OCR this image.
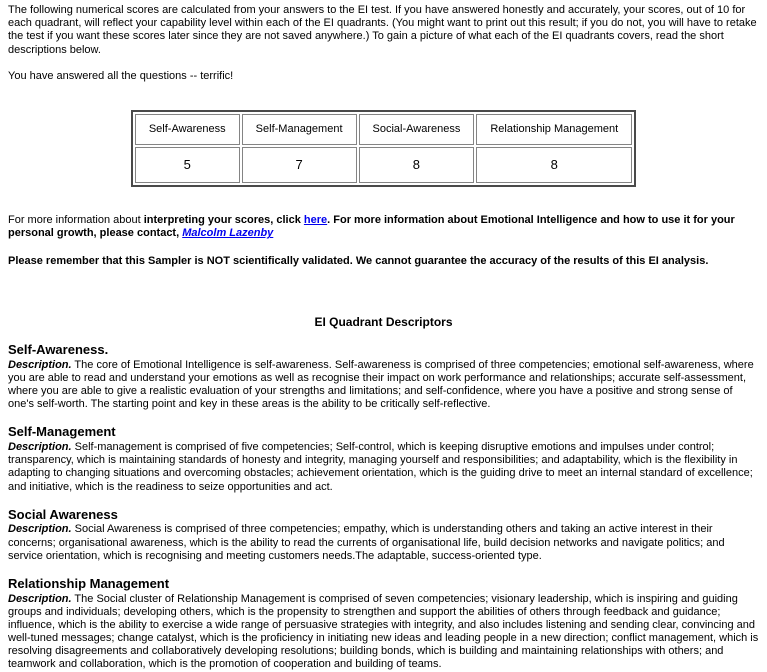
The following numerical scores are calculated from your answers to the EI test. If you have answered honestly and accurately, your scores, out of 10 for each quadrant, will reflect your capability level within each of the EI quadrants. (You might want to print out this result; if you do not, you will have to retake the test if you want these scores later since they are not saved anywhere.) To gain a picture of what each of the EI quadrants covers, read the short descriptions below.

You have answered all the questions -- terrific!

Self-Awareness	Self-Management	Social-Awareness	Relationship Management
5	7	8	8

For more information about interpreting your scores, click here. For more information about Emotional Intelligence and how to use it for your personal growth, please contact, Malcolm Lazenby

Please remember that this Sampler is NOT scientifically validated. We cannot guarantee the accuracy of the results of this EI analysis.

EI Quadrant Descriptors

Self-Awareness.

Description. The core of Emotional Intelligence is self-awareness. Self-awareness is comprised of three competencies; emotional self-awareness, where you are able to read and understand your emotions as well as recognise their impact on work performance and relationships; accurate self-assessment, where you are able to give a realistic evaluation of your strengths and limitations; and self-confidence, where you have a positive and strong sense of one's self-worth. The starting point and key in these areas is the ability to be critically self-reflective.

Self-Management

Description. Self-management is comprised of five competencies; Self-control, which is keeping disruptive emotions and impulses under control; transparency, which is maintaining standards of honesty and integrity, managing yourself and responsibilities; and adaptability, which is the flexibility in adapting to changing situations and overcoming obstacles; achievement orientation, which is the guiding drive to meet an internal standard of excellence; and initiative, which is the readiness to seize opportunities and act.

Social Awareness

Description. Social Awareness is comprised of three competencies; empathy, which is understanding others and taking an active interest in their concerns; organisational awareness, which is the ability to read the currents of organisational life, build decision networks and navigate politics; and service orientation, which is recognising and meeting customers needs.The adaptable, success-oriented type.

Relationship Management

Description. The Social cluster of Relationship Management is comprised of seven competencies; visionary leadership, which is inspiring and guiding groups and individuals; developing others, which is the propensity to strengthen and support the abilities of others through feedback and guidance; influence, which is the ability to exercise a wide range of persuasive strategies with integrity, and also includes listening and sending clear, convincing and well-tuned messages; change catalyst, which is the proficiency in initiating new ideas and leading people in a new direction; conflict management, which is resolving disagreements and collaboratively developing resolutions; building bonds, which is building and maintaining relationships with others; and teamwork and collaboration, which is the promotion of cooperation and building of teams.
